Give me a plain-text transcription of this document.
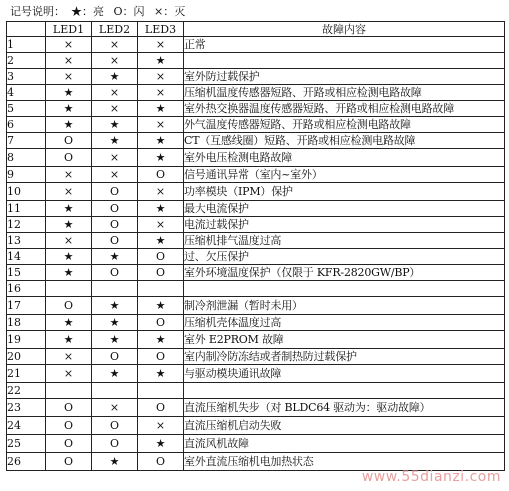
记号说明： ★：亮 O：闪 ×：灭
	LED1	LED2	LED3	故障内容
1	×	×	×	正常
2	×	×	★	
3	×	★	×	室外防过载保护
4	★	×	×	压缩机温度传感器短路、开路或相应检测电路故障
5	★	×	★	室外热交换器温度传感器短路、开路或相应检测电路故障
6	★	★	×	外气温度传感器短路、开路或相应检测电路故障
7	O	★	★	CT（互感线圈）短路、开路或相应检测电路故障
8	O	×	★	室外电压检测电路故障
9	×	×	O	信号通讯异常（室内~室外）
10	×	O	×	功率模块（IPM）保护
11	★	O	★	最大电流保护
12	★	O	×	电流过载保护
13	×	O	★	压缩机排气温度过高
14	★	★	O	过、欠压保护
15	★	O	O	室外环境温度保护（仅限于 KFR-2820GW/BP）
16				
17	O	★	★	制冷剂泄漏（暂时未用）
18	★	★	O	压缩机壳体温度过高
19	★	★	★	室外 E2PROM 故障
20	×	O	O	室内制冷防冻结或者制热防过载保护
21	×	★	★	与驱动模块通讯故障
22				
23	O	×	O	直流压缩机失步（对 BLDC64 驱动为：驱动故障）
24	O	O	×	直流压缩机启动失败
25	O	O	★	直流风机故障
26	O	★	O	室外直流压缩机电加热状态
www.55dianzi.com
